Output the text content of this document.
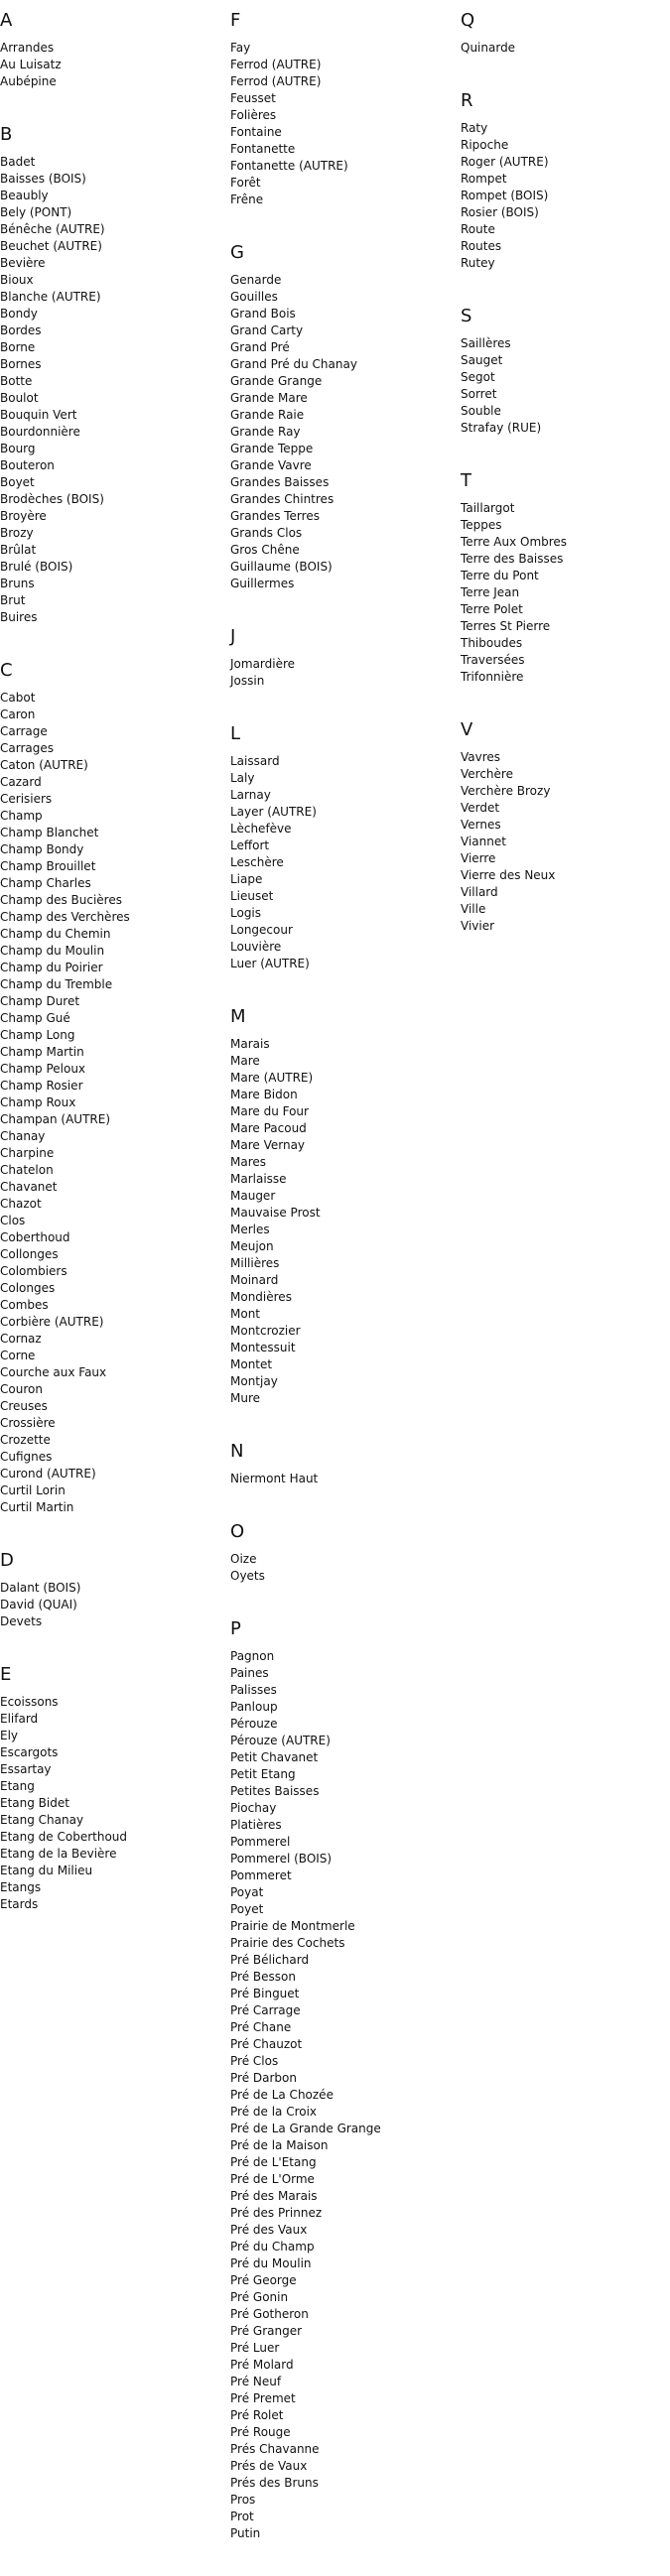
A
Arrandes
Au Luisatz
Aubépine
B
Badet
Baisses (BOIS)
Beaubly
Bely (PONT)
Bénêche (AUTRE)
Beuchet (AUTRE)
Bevière
Bioux
Blanche (AUTRE)
Bondy
Bordes
Borne
Bornes
Botte
Boulot
Bouquin Vert
Bourdonnière
Bourg
Bouteron
Boyet
Brodèches (BOIS)
Broyère
Brozy
Brûlat
Brulé (BOIS)
Bruns
Brut
Buires
C
Cabot
Caron
Carrage
Carrages
Caton (AUTRE)
Cazard
Cerisiers
Champ
Champ Blanchet
Champ Bondy
Champ Brouillet
Champ Charles
Champ des Bucières
Champ des Verchères
Champ du Chemin
Champ du Moulin
Champ du Poirier
Champ du Tremble
Champ Duret
Champ Gué
Champ Long
Champ Martin
Champ Peloux
Champ Rosier
Champ Roux
Champan (AUTRE)
Chanay
Charpine
Chatelon
Chavanet
Chazot
Clos
Coberthoud
Collonges
Colombiers
Colonges
Combes
Corbière (AUTRE)
Cornaz
Corne
Courche aux Faux
Couron
Creuses
Crossière
Crozette
Cufignes
Curond (AUTRE)
Curtil Lorin
Curtil Martin
D
Dalant (BOIS)
David (QUAI)
Devets
E
Ecoissons
Elifard
Ely
Escargots
Essartay
Etang
Etang Bidet
Etang Chanay
Etang de Coberthoud
Etang de la Bevière
Etang du Milieu
Etangs
Etards
F
Fay
Ferrod (AUTRE)
Ferrod (AUTRE)
Feusset
Folières
Fontaine
Fontanette
Fontanette (AUTRE)
Forêt
Frêne
G
Genarde
Gouilles
Grand Bois
Grand Carty
Grand Pré
Grand Pré du Chanay
Grande Grange
Grande Mare
Grande Raie
Grande Ray
Grande Teppe
Grande Vavre
Grandes Baisses
Grandes Chintres
Grandes Terres
Grands Clos
Gros Chêne
Guillaume (BOIS)
Guillermes
J
Jomardière
Jossin
L
Laissard
Laly
Larnay
Layer (AUTRE)
Lèchefève
Leffort
Leschère
Liape
Lieuset
Logis
Longecour
Louvière
Luer (AUTRE)
M
Marais
Mare
Mare (AUTRE)
Mare Bidon
Mare du Four
Mare Pacoud
Mare Vernay
Mares
Marlaisse
Mauger
Mauvaise Prost
Merles
Meujon
Millières
Moinard
Mondières
Mont
Montcrozier
Montessuit
Montet
Montjay
Mure
N
Niermont Haut
O
Oize
Oyets
P
Pagnon
Paines
Palisses
Panloup
Pérouze
Pérouze (AUTRE)
Petit Chavanet
Petit Etang
Petites Baisses
Piochay
Platières
Pommerel
Pommerel (BOIS)
Pommeret
Poyat
Poyet
Prairie de Montmerle
Prairie des Cochets
Pré Bélichard
Pré Besson
Pré Binguet
Pré Carrage
Pré Chane
Pré Chauzot
Pré Clos
Pré Darbon
Pré de La Chozée
Pré de la Croix
Pré de La Grande Grange
Pré de la Maison
Pré de L'Etang
Pré de L'Orme
Pré des Marais
Pré des Prinnez
Pré des Vaux
Pré du Champ
Pré du Moulin
Pré George
Pré Gonin
Pré Gotheron
Pré Granger
Pré Luer
Pré Molard
Pré Neuf
Pré Premet
Pré Rolet
Pré Rouge
Prés Chavanne
Prés de Vaux
Prés des Bruns
Pros
Prot
Putin
Q
Quinarde
R
Raty
Ripoche
Roger (AUTRE)
Rompet
Rompet (BOIS)
Rosier (BOIS)
Route
Routes
Rutey
S
Saillères
Sauget
Segot
Sorret
Souble
Strafay (RUE)
T
Taillargot
Teppes
Terre Aux Ombres
Terre des Baisses
Terre du Pont
Terre Jean
Terre Polet
Terres St Pierre
Thiboudes
Traversées
Trifonnière
V
Vavres
Verchère
Verchère Brozy
Verdet
Vernes
Viannet
Vierre
Vierre des Neux
Villard
Ville
Vivier
